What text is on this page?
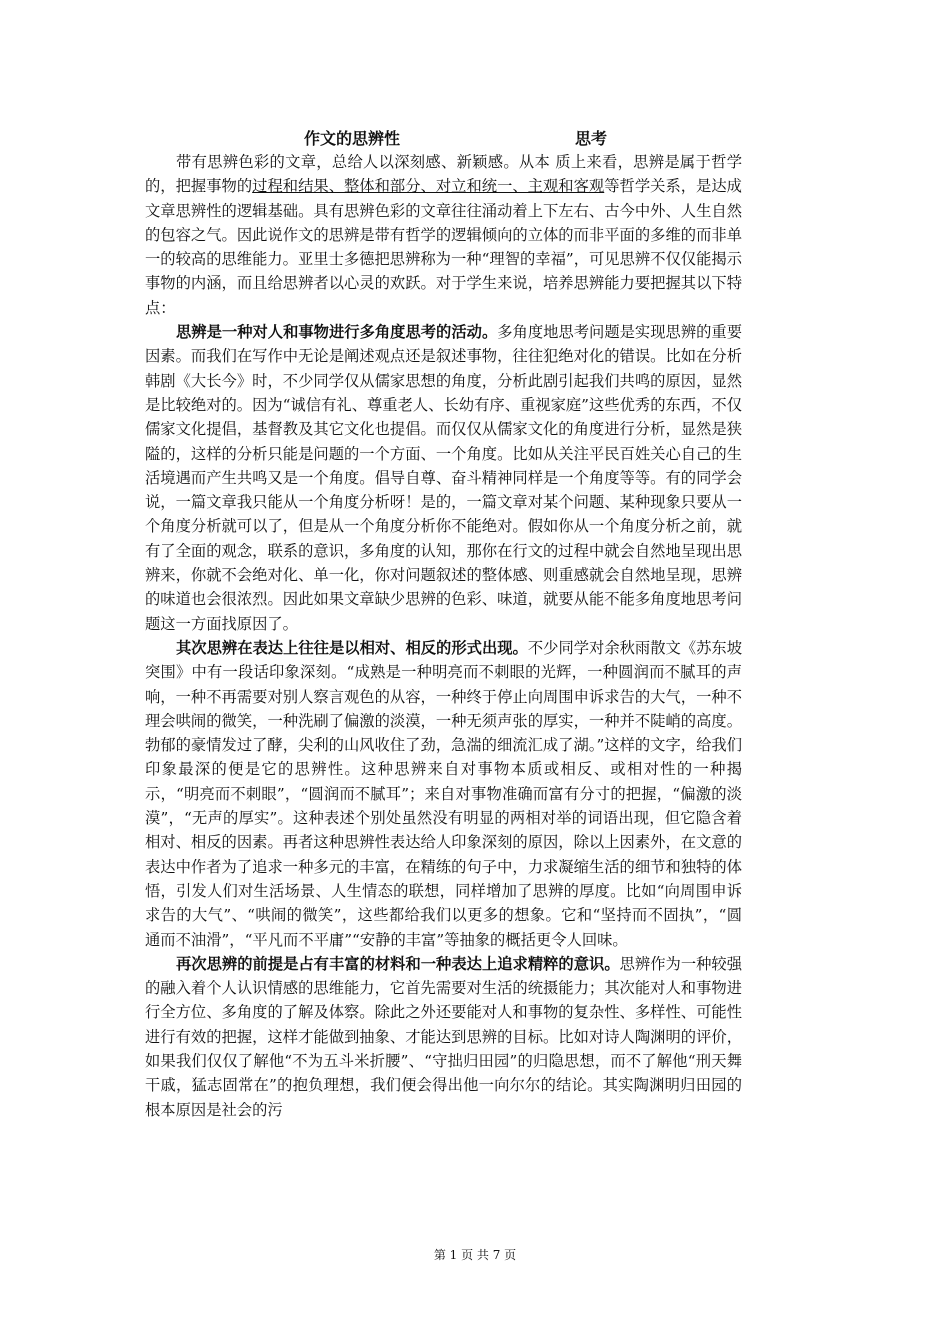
作文的思辨性	思考

带有思辨色彩的文章，总给人以深刻感、新颖感。从本 质上来看，思辨是属于哲学的，把握事物的过程和结果、整体和部分、对立和统一、主观和客观等哲学关系，是达成文章思辨性的逻辑基础。具有思辨色彩的文章往往涌动着上下左右、古今中外、人生自然的包容之气。因此说作文的思辨是带有哲学的逻辑倾向的立体的而非平面的多维的而非单一的较高的思维能力。亚里士多德把思辨称为一种“理智的幸福”，可见思辨不仅仅能揭示事物的内涵，而且给思辨者以心灵的欢跃。对于学生来说，培养思辨能力要把握其以下特点：

思辨是一种对人和事物进行多角度思考的活动。多角度地思考问题是实现思辨的重要因素。而我们在写作中无论是阐述观点还是叙述事物，往往犯绝对化的错误。比如在分析韩剧《大长今》时，不少同学仅从儒家思想的角度，分析此剧引起我们共鸣的原因，显然是比较绝对的。因为“诚信有礼、尊重老人、长幼有序、重视家庭”这些优秀的东西，不仅儒家文化提倡，基督教及其它文化也提倡。而仅仅从儒家文化的角度进行分析，显然是狭隘的，这样的分析只能是问题的一个方面、一个角度。比如从关注平民百姓关心自己的生活境遇而产生共鸣又是一个角度。倡导自尊、奋斗精神同样是一个角度等等。有的同学会说，一篇文章我只能从一个角度分析呀！是的，一篇文章对某个问题、某种现象只要从一个角度分析就可以了，但是从一个角度分析你不能绝对。假如你从一个角度分析之前，就有了全面的观念，联系的意识，多角度的认知，那你在行文的过程中就会自然地呈现出思辨来，你就不会绝对化、单一化，你对问题叙述的整体感、则重感就会自然地呈现，思辨的味道也会很浓烈。因此如果文章缺少思辨的色彩、味道，就要从能不能多角度地思考问题这一方面找原因了。

其次思辨在表达上往往是以相对、相反的形式出现。不少同学对余秋雨散文《苏东坡突围》中有一段话印象深刻。“成熟是一种明亮而不刺眼的光辉，一种圆润而不腻耳的声响，一种不再需要对别人察言观色的从容，一种终于停止向周围申诉求告的大气，一种不理会哄闹的微笑，一种洗刷了偏激的淡漠，一种无须声张的厚实，一种并不陡峭的高度。勃郁的豪情发过了酵，尖利的山风收住了劲，急湍的细流汇成了湖。”这样的文字，给我们印象最深的便是它的思辨性。这种思辨来自对事物本质或相反、或相对性的一种揭示，“明亮而不刺眼”，“圆润而不腻耳”；来自对事物准确而富有分寸的把握，“偏激的淡漠”，“无声的厚实”。这种表述个别处虽然没有明显的两相对举的词语出现，但它隐含着相对、相反的因素。再者这种思辨性表达给人印象深刻的原因，除以上因素外，在文意的表达中作者为了追求一种多元的丰富，在精练的句子中，力求凝缩生活的细节和独特的体悟，引发人们对生活场景、人生情态的联想，同样增加了思辨的厚度。比如“向周围申诉求告的大气”、“哄闹的微笑”，这些都给我们以更多的想象。它和“坚持而不固执”，“圆通而不油滑”，“平凡而不平庸”“安静的丰富”等抽象的概括更令人回味。

再次思辨的前提是占有丰富的材料和一种表达上追求精粹的意识。思辨作为一种较强的融入着个人认识情感的思维能力，它首先需要对生活的统摄能力；其次能对人和事物进行全方位、多角度的了解及体察。除此之外还要能对人和事物的复杂性、多样性、可能性进行有效的把握，这样才能做到抽象、才能达到思辨的目标。比如对诗人陶渊明的评价，如果我们仅仅了解他“不为五斗米折腰”、“守拙归田园”的归隐思想，而不了解他“刑天舞干戚，猛志固常在”的抱负理想，我们便会得出他一向尔尔的结论。其实陶渊明归田园的根本原因是社会的污

第 1 页 共 7 页
